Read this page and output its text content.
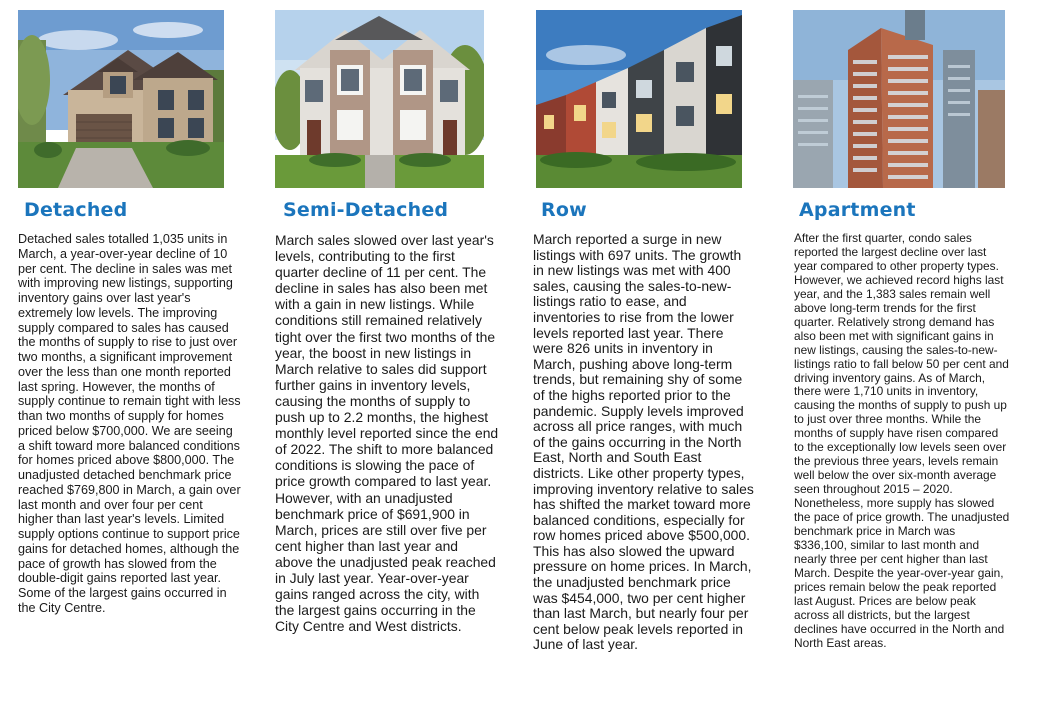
Detached

Detached sales totalled 1,035 units in March, a year-over-year decline of 10 per cent. The decline in sales was met with improving new listings, supporting inventory gains over last year's extremely low levels. The improving supply compared to sales has caused the months of supply to rise to just over two months, a significant improvement over the less than one month reported last spring. However, the months of supply continue to remain tight with less than two months of supply for homes priced below $700,000. We are seeing a shift toward more balanced conditions for homes priced above $800,000. The unadjusted detached benchmark price reached $769,800 in March, a gain over last month and over four per cent higher than last year's levels. Limited supply options continue to support price gains for detached homes, although the pace of growth has slowed from the double-digit gains reported last year. Some of the largest gains occurred in the City Centre.

Semi-Detached

March sales slowed over last year's levels, contributing to the first quarter decline of 11 per cent. The decline in sales has also been met with a gain in new listings. While conditions still remained relatively tight over the first two months of the year, the boost in new listings in March relative to sales did support further gains in inventory levels, causing the months of supply to push up to 2.2 months, the highest monthly level reported since the end of 2022. The shift to more balanced conditions is slowing the pace of price growth compared to last year. However, with an unadjusted benchmark price of $691,900 in March, prices are still over five per cent higher than last year and above the unadjusted peak reached in July last year. Year-over-year gains ranged across the city, with the largest gains occurring in the City Centre and West districts.

Row

March reported a surge in new listings with 697 units. The growth in new listings was met with 400 sales, causing the sales-to-new-listings ratio to ease, and inventories to rise from the lower levels reported last year. There were 826 units in inventory in March, pushing above long-term trends, but remaining shy of some of the highs reported prior to the pandemic. Supply levels improved across all price ranges, with much of the gains occurring in the North East, North and South East districts. Like other property types, improving inventory relative to sales has shifted the market toward more balanced conditions, especially for row homes priced above $500,000. This has also slowed the upward pressure on home prices. In March, the unadjusted benchmark price was $454,000, two per cent higher than last March, but nearly four per cent below peak levels reported in June of last year.

Apartment

After the first quarter, condo sales reported the largest decline over last year compared to other property types. However, we achieved record highs last year, and the 1,383 sales remain well above long-term trends for the first quarter. Relatively strong demand has also been met with significant gains in new listings, causing the sales-to-new-listings ratio to fall below 50 per cent and driving inventory gains. As of March, there were 1,710 units in inventory, causing the months of supply to push up to just over three months. While the months of supply have risen compared to the exceptionally low levels seen over the previous three years, levels remain well below the over six-month average seen throughout 2015 – 2020. Nonetheless, more supply has slowed the pace of price growth. The unadjusted benchmark price in March was $336,100, similar to last month and nearly three per cent higher than last March. Despite the year-over-year gain, prices remain below the peak reported last August. Prices are below peak across all districts, but the largest declines have occurred in the North and North East areas.
